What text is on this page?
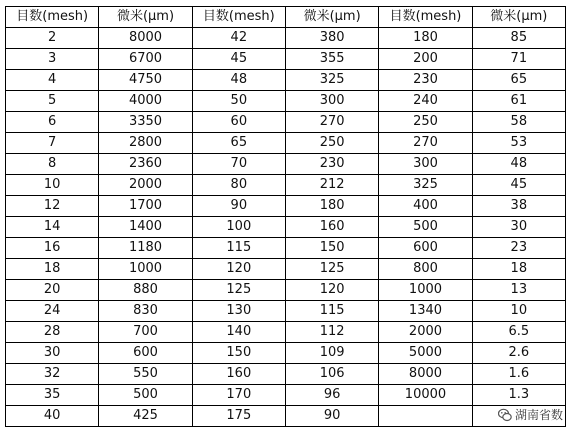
目数(mesh)	微米(μm)	目数(mesh)	微米(μm)	目数(mesh)	微米(μm)
2	8000	42	380	180	85
3	6700	45	355	200	71
4	4750	48	325	230	65
5	4000	50	300	240	61
6	3350	60	270	250	58
7	2800	65	250	270	53
8	2360	70	230	300	48
10	2000	80	212	325	45
12	1700	90	180	400	38
14	1400	100	160	500	30
16	1180	115	150	600	23
18	1000	120	125	800	18
20	880	125	120	1000	13
24	830	130	115	1340	10
28	700	140	112	2000	6.5
30	600	150	109	5000	2.6
32	550	160	106	8000	1.6
35	500	170	96	10000	1.3
40	425	175	90			湖南省数
